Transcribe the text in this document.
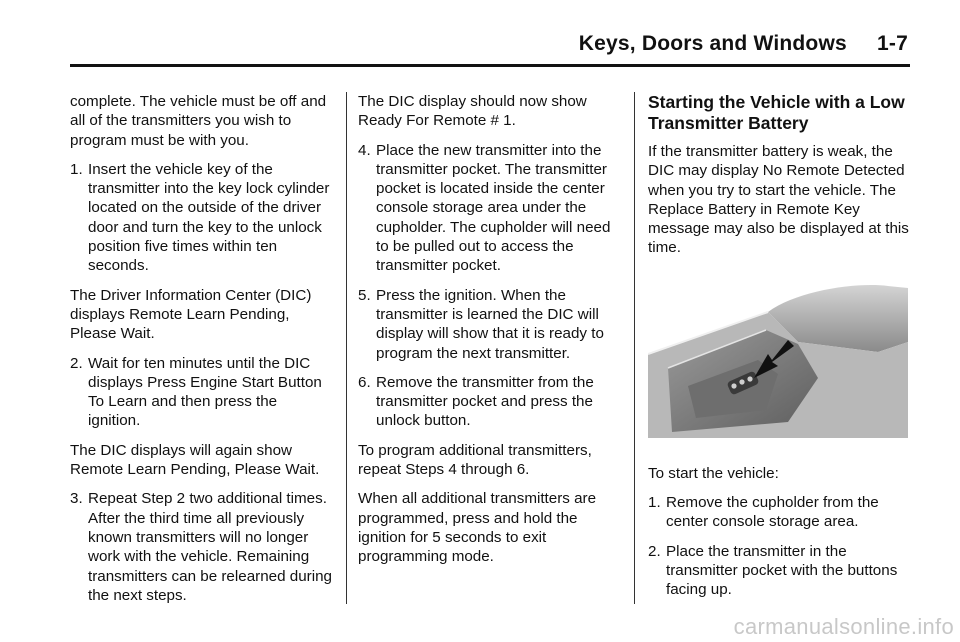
Keys, Doors and Windows     1-7

complete. The vehicle must be off and all of the transmitters you wish to program must be with you.

1. Insert the vehicle key of the transmitter into the key lock cylinder located on the outside of the driver door and turn the key to the unlock position five times within ten seconds.

The Driver Information Center (DIC) displays Remote Learn Pending, Please Wait.

2. Wait for ten minutes until the DIC displays Press Engine Start Button To Learn and then press the ignition.

The DIC displays will again show Remote Learn Pending, Please Wait.

3. Repeat Step 2 two additional times. After the third time all previously known transmitters will no longer work with the vehicle. Remaining transmitters can be relearned during the next steps.

The DIC display should now show Ready For Remote # 1.

4. Place the new transmitter into the transmitter pocket. The transmitter pocket is located inside the center console storage area under the cupholder. The cupholder will need to be pulled out to access the transmitter pocket.
5. Press the ignition. When the transmitter is learned the DIC will display will show that it is ready to program the next transmitter.
6. Remove the transmitter from the transmitter pocket and press the unlock button.

To program additional transmitters, repeat Steps 4 through 6.

When all additional transmitters are programmed, press and hold the ignition for 5 seconds to exit programming mode.

Starting the Vehicle with a Low Transmitter Battery

If the transmitter battery is weak, the DIC may display No Remote Detected when you try to start the vehicle. The Replace Battery in Remote Key message may also be displayed at this time.

To start the vehicle:

1. Remove the cupholder from the center console storage area.
2. Place the transmitter in the transmitter pocket with the buttons facing up.
carmanualsonline.info
